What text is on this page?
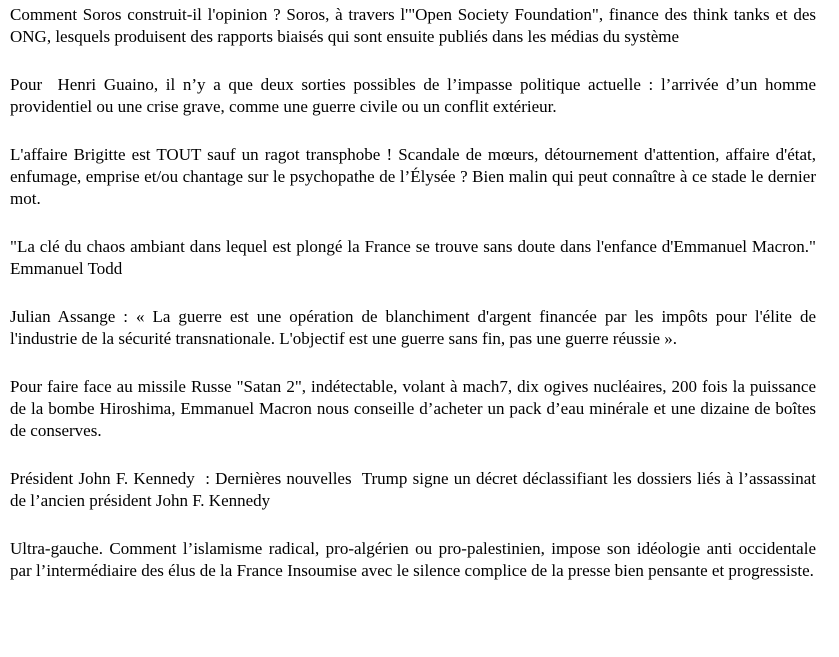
Comment Soros construit-il l'opinion ? Soros, à travers l'"Open Society Foundation", finance des think tanks et des ONG, lesquels produisent des rapports biaisés qui sont ensuite publiés dans les médias du système

Pour  Henri Guaino, il n’y a que deux sorties possibles de l’impasse politique actuelle : l’arrivée d’un homme providentiel ou une crise grave, comme une guerre civile ou un conflit extérieur.

L'affaire Brigitte est TOUT sauf un ragot transphobe ! Scandale de mœurs, détournement d'attention, affaire d'état, enfumage, emprise et/ou chantage sur le psychopathe de l’Élysée ? Bien malin qui peut connaître à ce stade le dernier mot.

"La clé du chaos ambiant dans lequel est plongé la France se trouve sans doute dans l'enfance d'Emmanuel Macron." Emmanuel Todd

Julian Assange : « La guerre est une opération de blanchiment d'argent financée par les impôts pour l'élite de l'industrie de la sécurité transnationale. L'objectif est une guerre sans fin, pas une guerre réussie ».

Pour faire face au missile Russe "Satan 2", indétectable, volant à mach7, dix ogives nucléaires, 200 fois la puissance de la bombe Hiroshima, Emmanuel Macron nous conseille d’acheter un pack d’eau minérale et une dizaine de boîtes de conserves.

Président John F. Kennedy  : Dernières nouvelles  Trump signe un décret déclassifiant les dossiers liés à l’assassinat de l’ancien président John F. Kennedy

Ultra-gauche. Comment l’islamisme radical, pro-algérien ou pro-palestinien, impose son idéologie anti occidentale par l’intermédiaire des élus de la France Insoumise avec le silence complice de la presse bien pensante et progressiste.
